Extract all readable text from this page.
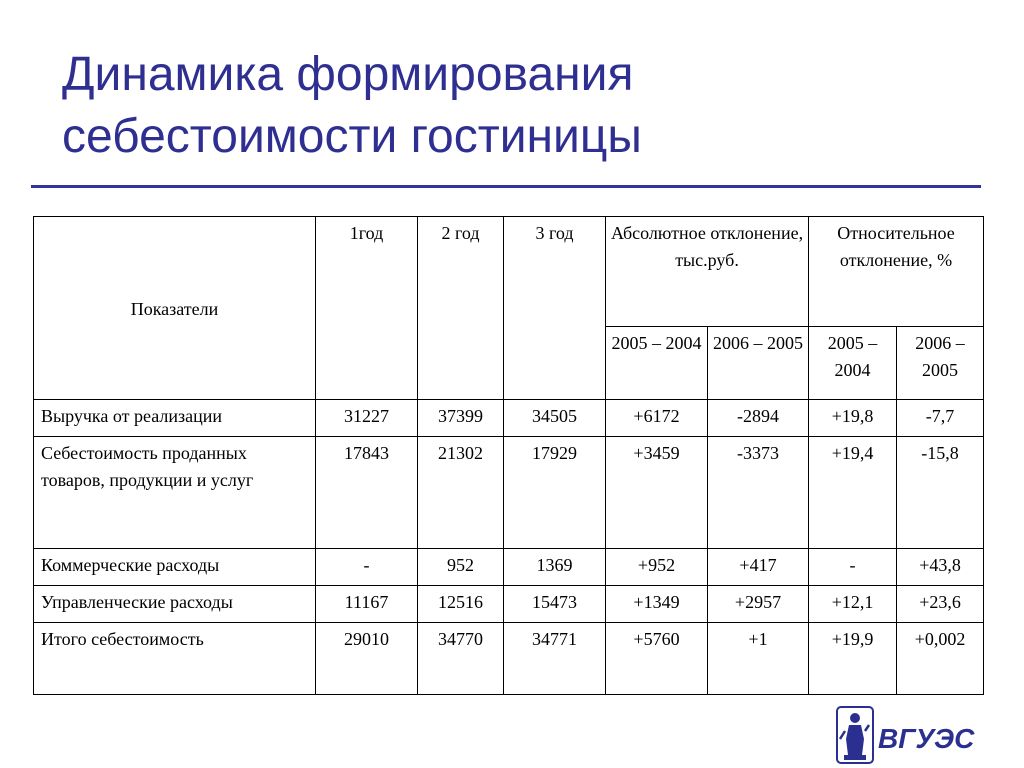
Динамика формирования
себестоимости гостиницы
Показатели	1год	2 год	3 год	Абсолютное отклонение, тыс.руб.		Относительное отклонение, %	
				2005 – 2004	2006 – 2005	2005 – 2004	2006 – 2005
Выручка от реализации	31227	37399	34505	+6172	-2894	+19,8	-7,7
Себестоимость проданных товаров, продукции и услуг	17843	21302	17929	+3459	-3373	+19,4	-15,8
Коммерческие расходы	-	952	1369	+952	+417	-	+43,8
Управленческие расходы	11167	12516	15473	+1349	+2957	+12,1	+23,6
Итого себестоимость	29010	34770	34771	+5760	+1	+19,9	+0,002
ВГУЭС
